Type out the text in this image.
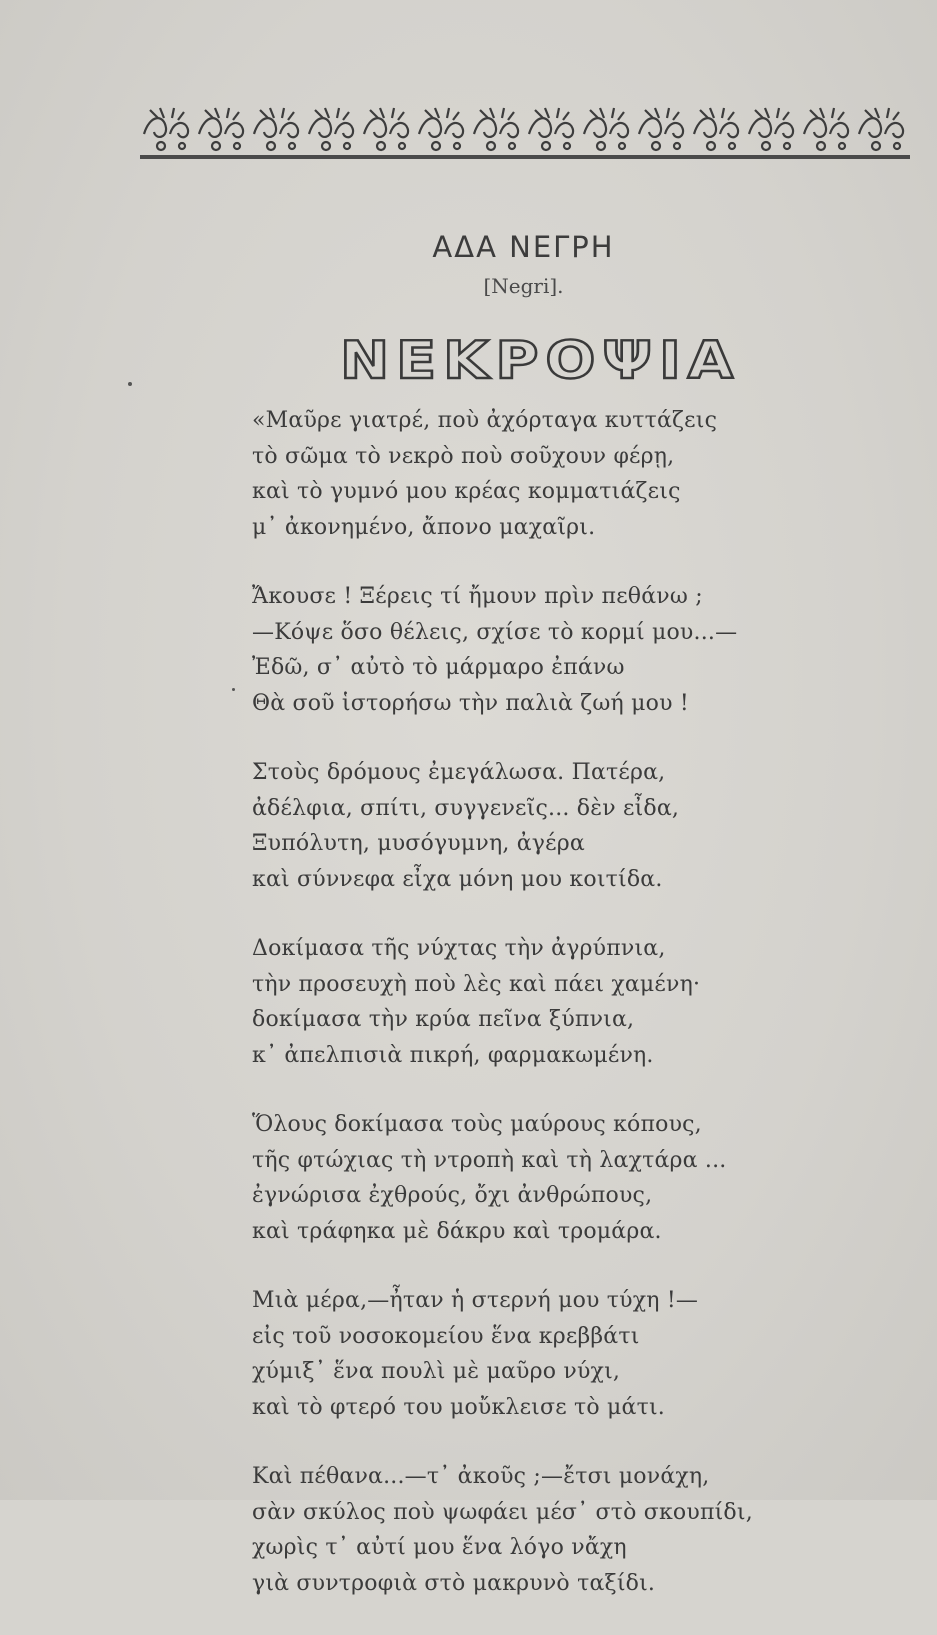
ΑΔΑ ΝΕΓΡΗ
[Negri].
ΝΕΚΡΟΨΙΑ
«Μαῦρε γιατρέ, ποὺ ἀχόρταγα κυττάζεις
τὸ σῶμα τὸ νεκρὸ ποὺ σοῦχουν φέρῃ,
καὶ τὸ γυμνό μου κρέας κομματιάζεις
μ᾿ ἀκονημένο, ἄπονο μαχαῖρι.
Ἄκουσε ! Ξέρεις τί ἤμουν πρὶν πεθάνω ;
—Κόψε ὅσο θέλεις, σχίσε τὸ κορμί μου...—
Ἐδῶ, σ᾿ αὐτὸ τὸ μάρμαρο ἐπάνω
Θὰ σοῦ ἱστορήσω τὴν παλιὰ ζωή μου !
Στοὺς δρόμους ἐμεγάλωσα. Πατέρα,
ἀδέλφια, σπίτι, συγγενεῖς... δὲν εἶδα,
Ξυπόλυτη, μυσόγυμνη, ἀγέρα
καὶ σύννεφα εἶχα μόνη μου κοιτίδα.
Δοκίμασα τῆς νύχτας τὴν ἀγρύπνια,
τὴν προσευχὴ ποὺ λὲς καὶ πάει χαμένη·
δοκίμασα τὴν κρύα πεῖνα ξύπνια,
κ᾿ ἀπελπισιὰ πικρή, φαρμακωμένη.
Ὅλους δοκίμασα τοὺς μαύρους κόπους,
τῆς φτώχιας τὴ ντροπὴ καὶ τὴ λαχτάρα ...
ἐγνώρισα ἐχθρούς, ὄχι ἀνθρώπους,
καὶ τράφηκα μὲ δάκρυ καὶ τρομάρα.
Μιὰ μέρα,—ἦταν ἡ στερνή μου τύχη !—
εἰς τοῦ νοσοκομείου ἕνα κρεββάτι
χύμιξ᾿ ἕνα πουλὶ μὲ μαῦρο νύχι,
καὶ τὸ φτερό του μοὔκλεισε τὸ μάτι.
Καὶ πέθανα...—τ᾿ ἀκοῦς ;—ἔτσι μονάχη,
σὰν σκύλος ποὺ ψωφάει μέσ᾿ στὸ σκουπίδι,
χωρὶς τ᾿ αὐτί μου ἕνα λόγο νἄχη
γιὰ συντροφιὰ στὸ μακρυνὸ ταξίδι.
